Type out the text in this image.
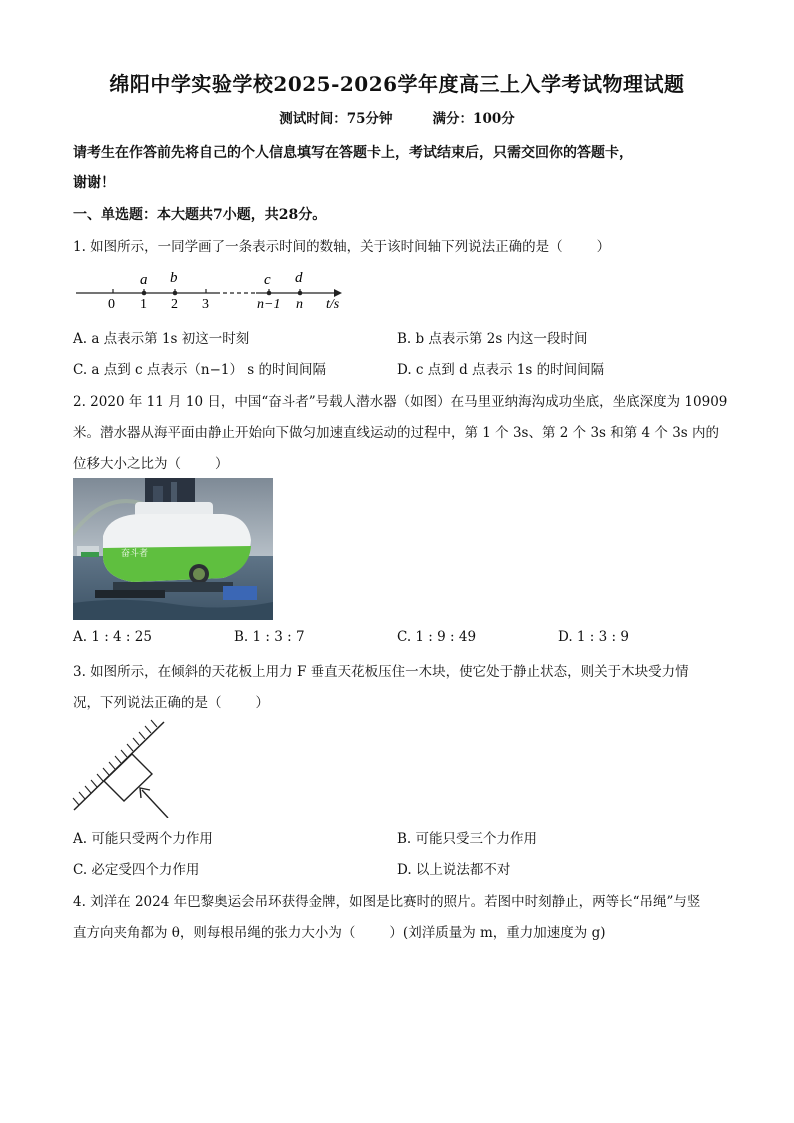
绵阳中学实验学校2025-2026学年度高三上入学考试物理试题
测试时间：75分钟	满分：100分
请考生在作答前先将自己的个人信息填写在答题卡上，考试结束后，只需交回你的答题卡，
谢谢！
一、单选题：本大题共7小题，共28分。
1. 如图所示，一同学画了一条表示时间的数轴，关于该时间轴下列说法正确的是（	）
a b	c d
0 1 2 3	n−1 n t/s
A. a 点表示第 1s 初这一时刻	B. b 点表示第 2s 内这一段时间
C. a 点到 c 点表示（n−1） s 的时间间隔	D. c 点到 d 点表示 1s 的时间间隔
2. 2020 年 11 月 10 日，中国“奋斗者”号载人潜水器（如图）在马里亚纳海沟成功坐底，坐底深度为 10909
米。潜水器从海平面由静止开始向下做匀加速直线运动的过程中，第 1 个 3s、第 2 个 3s 和第 4 个 3s 内的
位移大小之比为（	）
奋斗者
A. 1 : 4 : 25	B. 1 : 3 : 7	C. 1 : 9 : 49	D. 1 : 3 : 9
3. 如图所示，在倾斜的天花板上用力 F 垂直天花板压住一木块，使它处于静止状态，则关于木块受力情
况，下列说法正确的是（	）
A. 可能只受两个力作用	B. 可能只受三个力作用
C. 必定受四个力作用	D. 以上说法都不对
4. 刘洋在 2024 年巴黎奥运会吊环获得金牌，如图是比赛时的照片。若图中时刻静止，两等长“吊绳”与竖
直方向夹角都为 θ，则每根吊绳的张力大小为（	）(刘洋质量为 m，重力加速度为 g)
